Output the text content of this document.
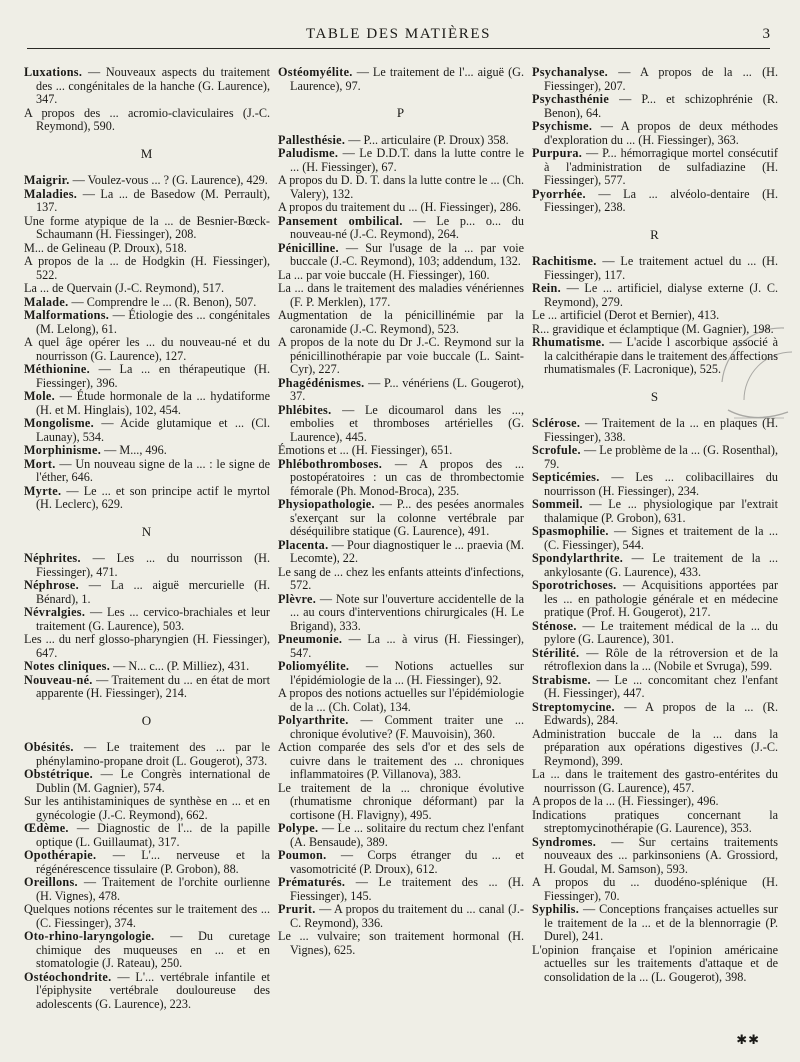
TABLE DES MATIÈRES	3

Luxations. — Nouveaux aspects du traitement des ... congénitales de la hanche (G. Laurence), 347.
A propos des ... acromio-claviculaires (J.-C. Reymond), 590.

M

Maigrir. — Voulez-vous ... ? (G. Laurence), 429.

Maladies. — La ... de Basedow (M. Perrault), 137.
Une forme atypique de la ... de Besnier-Bœck-Schaumann (H. Fiessinger), 208.
M... de Gelineau (P. Droux), 518.
A propos de la ... de Hodgkin (H. Fiessinger), 522.
La ... de Quervain (J.-C. Reymond), 517.

Malade. — Comprendre le ... (R. Benon), 507.

Malformations. — Étiologie des ... congénitales (M. Lelong), 61.
A quel âge opérer les ... du nouveau-né et du nourrisson (G. Laurence), 127.

Méthionine. — La ... en thérapeutique (H. Fiessinger), 396.

Mole. — Étude hormonale de la ... hydatiforme (H. et M. Hinglais), 102, 454.

Mongolisme. — Acide glutamique et ... (Cl. Launay), 534.

Morphinisme. — M..., 496.

Mort. — Un nouveau signe de la ... : le signe de l'éther, 646.

Myrte. — Le ... et son principe actif le myrtol (H. Leclerc), 629.

N

Néphrites. — Les ... du nourrisson (H. Fiessinger), 471.

Néphrose. — La ... aiguë mercurielle (H. Bénard), 1.

Névralgies. — Les ... cervico-brachiales et leur traitement (G. Laurence), 503.
Les ... du nerf glosso-pharyngien (H. Fiessinger), 647.

Notes cliniques. — N... c... (P. Milliez), 431.

Nouveau-né. — Traitement du ... en état de mort apparente (H. Fiessinger), 214.

O

Obésités. — Le traitement des ... par le phénylamino-propane droit (L. Gougerot), 373.

Obstétrique. — Le Congrès international de Dublin (M. Gagnier), 574.
Sur les antihistaminiques de synthèse en ... et en gynécologie (J.-C. Reymond), 662.

Œdème. — Diagnostic de l'... de la papille optique (L. Guillaumat), 317.

Opothérapie. — L'... nerveuse et la régénérescence tissulaire (P. Grobon), 88.

Oreillons. — Traitement de l'orchite ourlienne (H. Vignes), 478.
Quelques notions récentes sur le traitement des ... (C. Fiessinger), 374.

Oto-rhino-laryngologie. — Du curetage chimique des muqueuses en ... et en stomatologie (J. Rateau), 250.

Ostéochondrite. — L'... vertébrale infantile et l'épiphysite vertébrale douloureuse des adolescents (G. Laurence), 223.

Ostéomyélite. — Le traitement de l'... aiguë (G. Laurence), 97.

P

Pallesthésie. — P... articulaire (P. Droux) 358.

Paludisme. — Le D.D.T. dans la lutte contre le ... (H. Fiessinger), 67.
A propos du D. D. T. dans la lutte contre le ... (Ch. Valery), 132.
A propos du traitement du ... (H. Fiessinger), 286.

Pansement ombilical. — Le p... o... du nouveau-né (J.-C. Reymond), 264.

Pénicilline. — Sur l'usage de la ... par voie buccale (J.-C. Reymond), 103; addendum, 132.
La ... par voie buccale (H. Fiessinger), 160.
La ... dans le traitement des maladies vénériennes (F. P. Merklen), 177.
Augmentation de la pénicillinémie par la caronamide (J.-C. Reymond), 523.
A propos de la note du Dr J.-C. Reymond sur la pénicillinothérapie par voie buccale (L. Saint-Cyr), 227.

Phagédénismes. — P... vénériens (L. Gougerot), 37.

Phlébites. — Le dicoumarol dans les ..., embolies et thromboses artérielles (G. Laurence), 445.
Émotions et ... (H. Fiessinger), 651.

Phlébothromboses. — A propos des ... postopératoires : un cas de thrombectomie fémorale (Ph. Monod-Broca), 235.

Physiopathologie. — P... des pesées anormales s'exerçant sur la colonne vertébrale par déséquilibre statique (G. Laurence), 491.

Placenta. — Pour diagnostiquer le ... praevia (M. Lecomte), 22.
Le sang de ... chez les enfants atteints d'infections, 572.

Plèvre. — Note sur l'ouverture accidentelle de la ... au cours d'interventions chirurgicales (H. Le Brigand), 333.

Pneumonie. — La ... à virus (H. Fiessinger), 547.

Poliomyélite. — Notions actuelles sur l'épidémiologie de la ... (H. Fiessinger), 92.
A propos des notions actuelles sur l'épidémiologie de la ... (Ch. Colat), 134.

Polyarthrite. — Comment traiter une ... chronique évolutive? (F. Mauvoisin), 360.
Action comparée des sels d'or et des sels de cuivre dans le traitement des ... chroniques inflammatoires (P. Villanova), 383.
Le traitement de la ... chronique évolutive (rhumatisme chronique déformant) par la cortisone (H. Flavigny), 495.

Polype. — Le ... solitaire du rectum chez l'enfant (A. Bensaude), 389.

Poumon. — Corps étranger du ... et vasomotricité (P. Droux), 612.

Prématurés. — Le traitement des ... (H. Fiessinger), 145.

Prurit. — A propos du traitement du ... canal (J.-C. Reymond), 336.
Le ... vulvaire; son traitement hormonal (H. Vignes), 625.

Psychanalyse. — A propos de la ... (H. Fiessinger), 207.

Psychasthénie — P... et schizophrénie (R. Benon), 64.

Psychisme. — A propos de deux méthodes d'exploration du ... (H. Fiessinger), 363.

Purpura. — P... hémorragique mortel consécutif à l'administration de sulfadiazine (H. Fiessinger), 577.

Pyorrhée. — La ... alvéolo-dentaire (H. Fiessinger), 238.

R

Rachitisme. — Le traitement actuel du ... (H. Fiessinger), 117.

Rein. — Le ... artificiel, dialyse externe (J. C. Reymond), 279.
Le ... artificiel (Derot et Bernier), 413.
R... gravidique et éclamptique (M. Gagnier), 198.

Rhumatisme. — L'acide l ascorbique associé à la calcithérapie dans le traitement des affections rhumatismales (F. Lacronique), 525.

S

Sclérose. — Traitement de la ... en plaques (H. Fiessinger), 338.

Scrofule. — Le problème de la ... (G. Rosenthal), 79.

Septicémies. — Les ... colibacillaires du nourrisson (H. Fiessinger), 234.

Sommeil. — Le ... physiologique par l'extrait thalamique (P. Grobon), 631.

Spasmophilie. — Signes et traitement de la ... (C. Fiessinger), 544.

Spondylarthrite. — Le traitement de la ... ankylosante (G. Laurence), 433.

Sporotrichoses. — Acquisitions apportées par les ... en pathologie générale et en médecine pratique (Prof. H. Gougerot), 217.

Sténose. — Le traitement médical de la ... du pylore (G. Laurence), 301.

Stérilité. — Rôle de la rétroversion et de la rétroflexion dans la ... (Nobile et Svruga), 599.

Strabisme. — Le ... concomitant chez l'enfant (H. Fiessinger), 447.

Streptomycine. — A propos de la ... (R. Edwards), 284.
Administration buccale de la ... dans la préparation aux opérations digestives (J.-C. Reymond), 399.
La ... dans le traitement des gastro-entérites du nourrisson (G. Laurence), 457.
A propos de la ... (H. Fiessinger), 496.
Indications pratiques concernant la streptomycinothérapie (G. Laurence), 353.

Syndromes. — Sur certains traitements nouveaux des ... parkinsoniens (A. Grossiord, H. Goudal, M. Samson), 593.
A propos du ... duodéno-splénique (H. Fiessinger), 70.

Syphilis. — Conceptions françaises actuelles sur le traitement de la ... et de la blennorragie (P. Durel), 241.
L'opinion française et l'opinion américaine actuelles sur les traitements d'attaque et de consolidation de la ... (L. Gougerot), 398.

✱✱
